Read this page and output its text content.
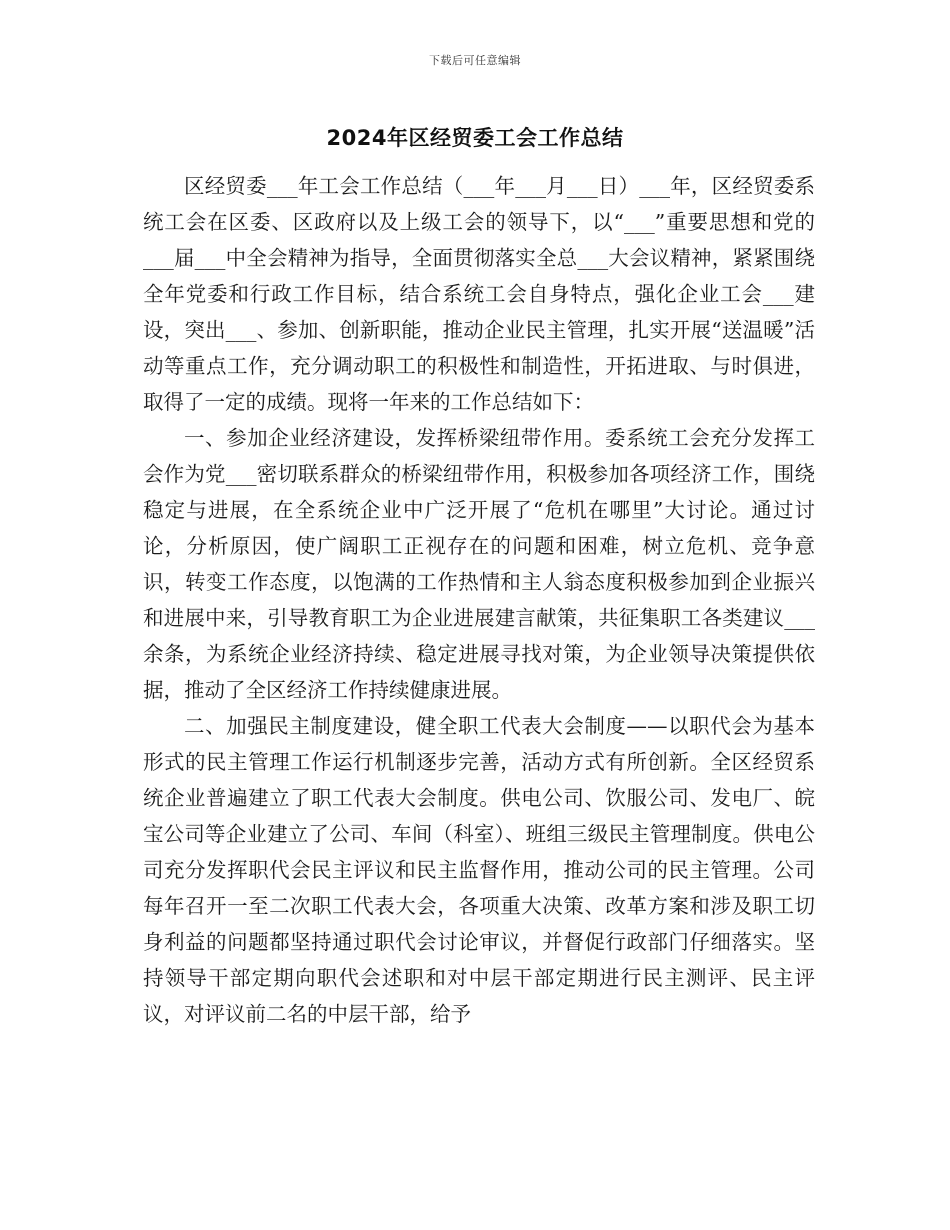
下载后可任意编辑
2024年区经贸委工会工作总结

区经贸委___年工会工作总结（___年___月___日）___年，区经贸委系统工会在区委、区政府以及上级工会的领导下，以“___”重要思想和党的___届___中全会精神为指导，全面贯彻落实全总___大会议精神，紧紧围绕全年党委和行政工作目标，结合系统工会自身特点，强化企业工会___建设，突出___、参加、创新职能，推动企业民主管理，扎实开展“送温暖”活动等重点工作，充分调动职工的积极性和制造性，开拓进取、与时俱进，取得了一定的成绩。现将一年来的工作总结如下：

一、参加企业经济建设，发挥桥梁纽带作用。委系统工会充分发挥工会作为党___密切联系群众的桥梁纽带作用，积极参加各项经济工作，围绕稳定与进展，在全系统企业中广泛开展了“危机在哪里”大讨论。通过讨论，分析原因，使广阔职工正视存在的问题和困难，树立危机、竞争意识，转变工作态度，以饱满的工作热情和主人翁态度积极参加到企业振兴和进展中来，引导教育职工为企业进展建言献策，共征集职工各类建议___余条，为系统企业经济持续、稳定进展寻找对策，为企业领导决策提供依据，推动了全区经济工作持续健康进展。

二、加强民主制度建设，健全职工代表大会制度——以职代会为基本形式的民主管理工作运行机制逐步完善，活动方式有所创新。全区经贸系统企业普遍建立了职工代表大会制度。供电公司、饮服公司、发电厂、皖宝公司等企业建立了公司、车间（科室）、班组三级民主管理制度。供电公司充分发挥职代会民主评议和民主监督作用，推动公司的民主管理。公司每年召开一至二次职工代表大会，各项重大决策、改革方案和涉及职工切身利益的问题都坚持通过职代会讨论审议，并督促行政部门仔细落实。坚持领导干部定期向职代会述职和对中层干部定期进行民主测评、民主评议，对评议前二名的中层干部，给予
